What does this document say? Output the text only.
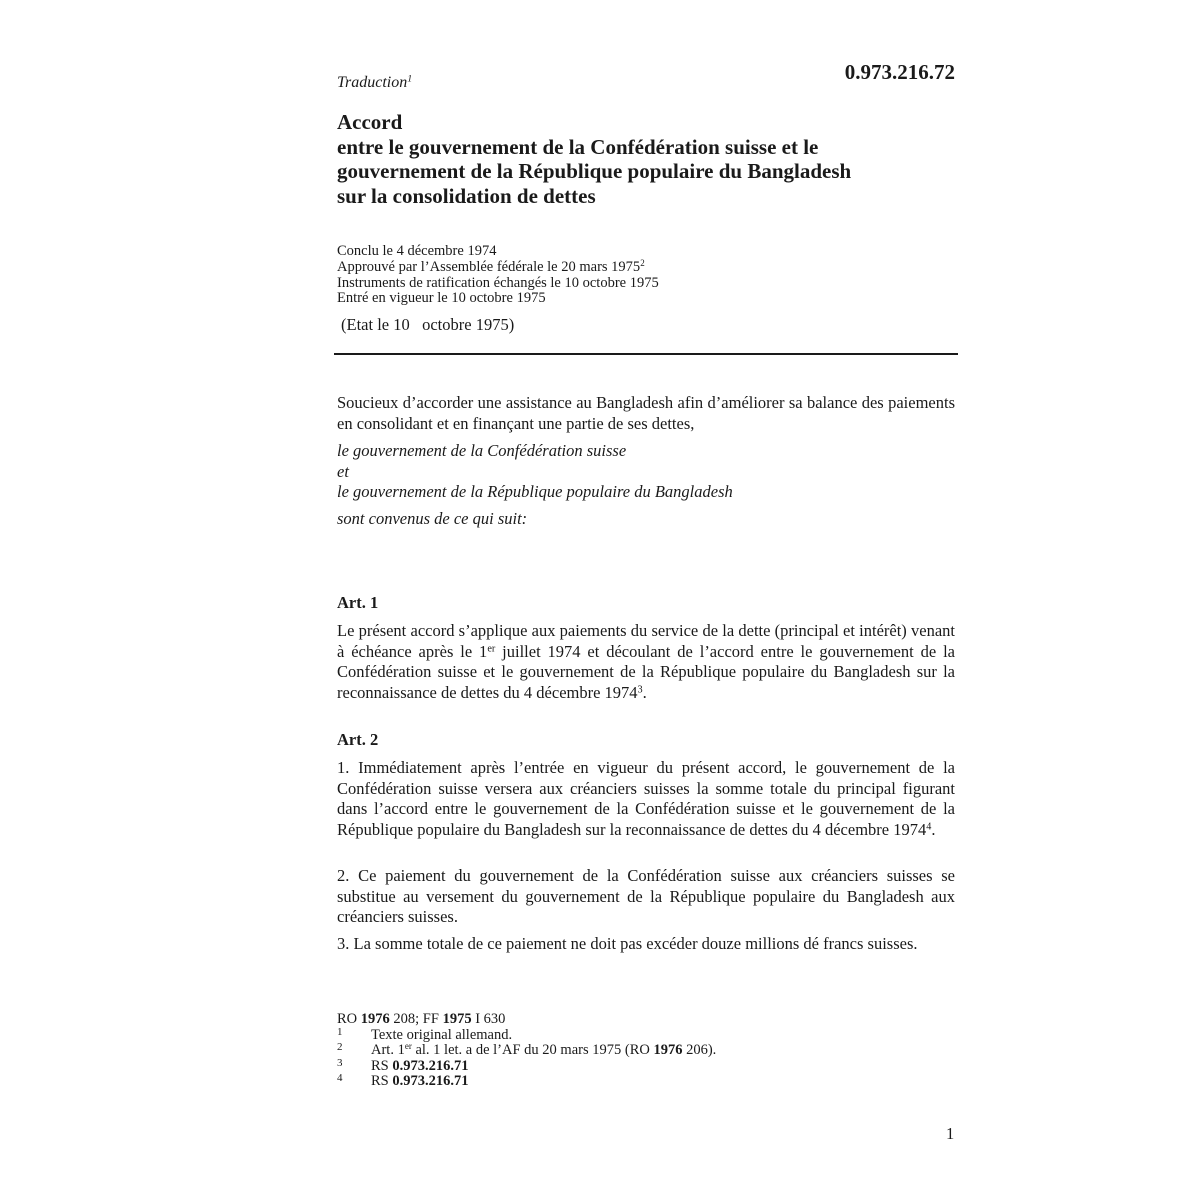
Traduction$^1$	0.973.216.72
Accord
entre le gouvernement de la Confédération suisse et le
gouvernement de la République populaire du Bangladesh
sur la consolidation de dettes
Conclu le 4 décembre 1974
Approuvé par l’Assemblée fédérale le 20 mars 1975$^2$
Instruments de ratification échangés le 10 octobre 1975
Entré en vigueur le 10 octobre 1975
(Etat le 10   octobre 1975)
Soucieux d’accorder une assistance au Bangladesh afin d’améliorer sa balance des paiements en consolidant et en finançant une partie de ses dettes,
le gouvernement de la Confédération suisse
et
le gouvernement de la République populaire du Bangladesh
sont convenus de ce qui suit:
Art. 1
Le présent accord s’applique aux paiements du service de la dette (principal et intérêt) venant à échéance après le 1er juillet 1974 et découlant de l’accord entre le gouvernement de la Confédération suisse et le gouvernement de la République populaire du Bangladesh sur la reconnaissance de dettes du 4 décembre 1974$^3$.
Art. 2
1. Immédiatement après l’entrée en vigueur du présent accord, le gouvernement de la Confédération suisse versera aux créanciers suisses la somme totale du principal figurant dans l’accord entre le gouvernement de la Confédération suisse et le gouvernement de la République populaire du Bangladesh sur la reconnaissance de dettes du 4 décembre 1974$^4$.
2. Ce paiement du gouvernement de la Confédération suisse aux créanciers suisses se substitue au versement du gouvernement de la République populaire du Bangladesh aux créanciers suisses.
3. La somme totale de ce paiement ne doit pas excéder douze millions dé francs suisses.
RO 1976 208; FF 1975 I 630
1 Texte original allemand.
2 Art. 1er al. 1 let. a de l’AF du 20 mars 1975 (RO 1976 206).
3 RS 0.973.216.71
4 RS 0.973.216.71
1
